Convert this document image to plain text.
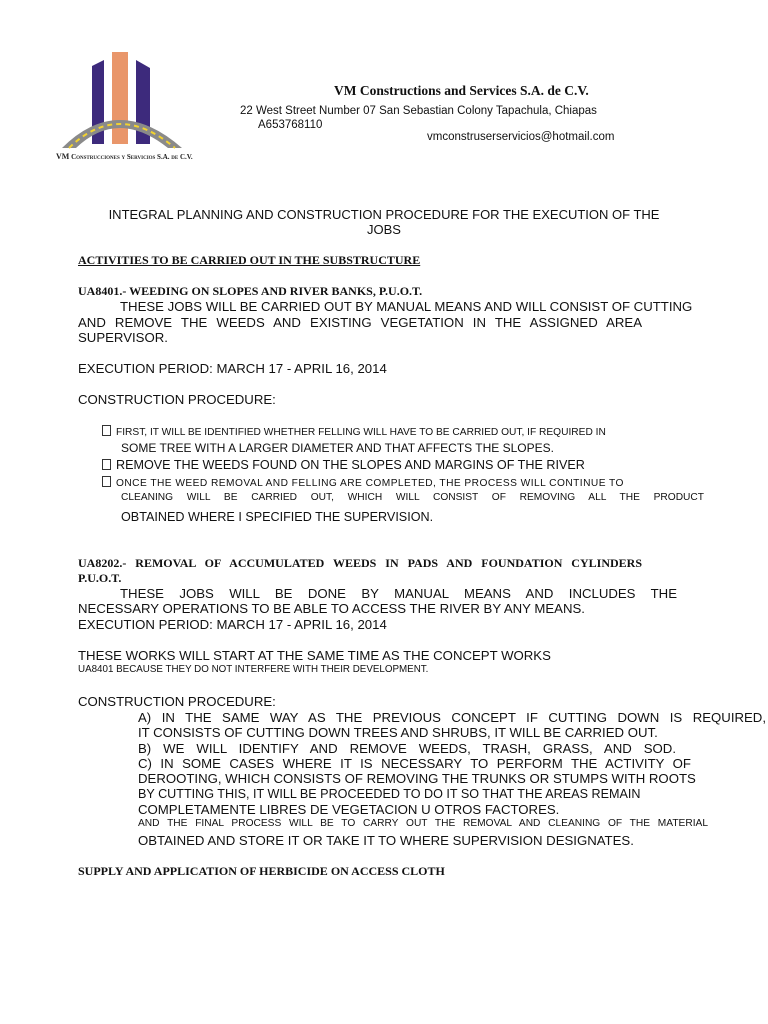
VM Construcciones y Servicios S.A. de C.V.
VM Constructions and Services S.A. de C.V.
22 West Street Number 07 San Sebastian Colony Tapachula, Chiapas
A653768110
vmconstruserservicios@hotmail.com
INTEGRAL PLANNING AND CONSTRUCTION PROCEDURE FOR THE EXECUTION OF THE
JOBS
ACTIVITIES TO BE CARRIED OUT IN THE SUBSTRUCTURE
UA8401.- WEEDING ON SLOPES AND RIVER BANKS, P.U.O.T.
THESE JOBS WILL BE CARRIED OUT BY MANUAL MEANS AND WILL CONSIST OF CUTTING
AND REMOVE THE WEEDS AND EXISTING VEGETATION IN THE ASSIGNED AREA
SUPERVISOR.
EXECUTION PERIOD: MARCH 17 - APRIL 16, 2014
CONSTRUCTION PROCEDURE:
FIRST, IT WILL BE IDENTIFIED WHETHER FELLING WILL HAVE TO BE CARRIED OUT, IF REQUIRED IN
SOME TREE WITH A LARGER DIAMETER AND THAT AFFECTS THE SLOPES.
REMOVE THE WEEDS FOUND ON THE SLOPES AND MARGINS OF THE RIVER
ONCE THE WEED REMOVAL AND FELLING ARE COMPLETED, THE PROCESS WILL CONTINUE TO
CLEANING WILL BE CARRIED OUT, WHICH WILL CONSIST OF REMOVING ALL THE PRODUCT
OBTAINED WHERE I SPECIFIED THE SUPERVISION.
UA8202.- REMOVAL OF ACCUMULATED WEEDS IN PADS AND FOUNDATION CYLINDERS
P.U.O.T.
THESE JOBS WILL BE DONE BY MANUAL MEANS AND INCLUDES THE
NECESSARY OPERATIONS TO BE ABLE TO ACCESS THE RIVER BY ANY MEANS.
EXECUTION PERIOD: MARCH 17 - APRIL 16, 2014
THESE WORKS WILL START AT THE SAME TIME AS THE CONCEPT WORKS
UA8401 BECAUSE THEY DO NOT INTERFERE WITH THEIR DEVELOPMENT.
CONSTRUCTION PROCEDURE:
A) IN THE SAME WAY AS THE PREVIOUS CONCEPT IF CUTTING DOWN IS REQUIRED,
IT CONSISTS OF CUTTING DOWN TREES AND SHRUBS, IT WILL BE CARRIED OUT.
B) WE WILL IDENTIFY AND REMOVE WEEDS, TRASH, GRASS, AND SOD.
C) IN SOME CASES WHERE IT IS NECESSARY TO PERFORM THE ACTIVITY OF
DEROOTING, WHICH CONSISTS OF REMOVING THE TRUNKS OR STUMPS WITH ROOTS
BY CUTTING THIS, IT WILL BE PROCEEDED TO DO IT SO THAT THE AREAS REMAIN
COMPLETAMENTE LIBRES DE VEGETACION U OTROS FACTORES.
AND THE FINAL PROCESS WILL BE TO CARRY OUT THE REMOVAL AND CLEANING OF THE MATERIAL
OBTAINED AND STORE IT OR TAKE IT TO WHERE SUPERVISION DESIGNATES.
SUPPLY AND APPLICATION OF HERBICIDE ON ACCESS CLOTH
